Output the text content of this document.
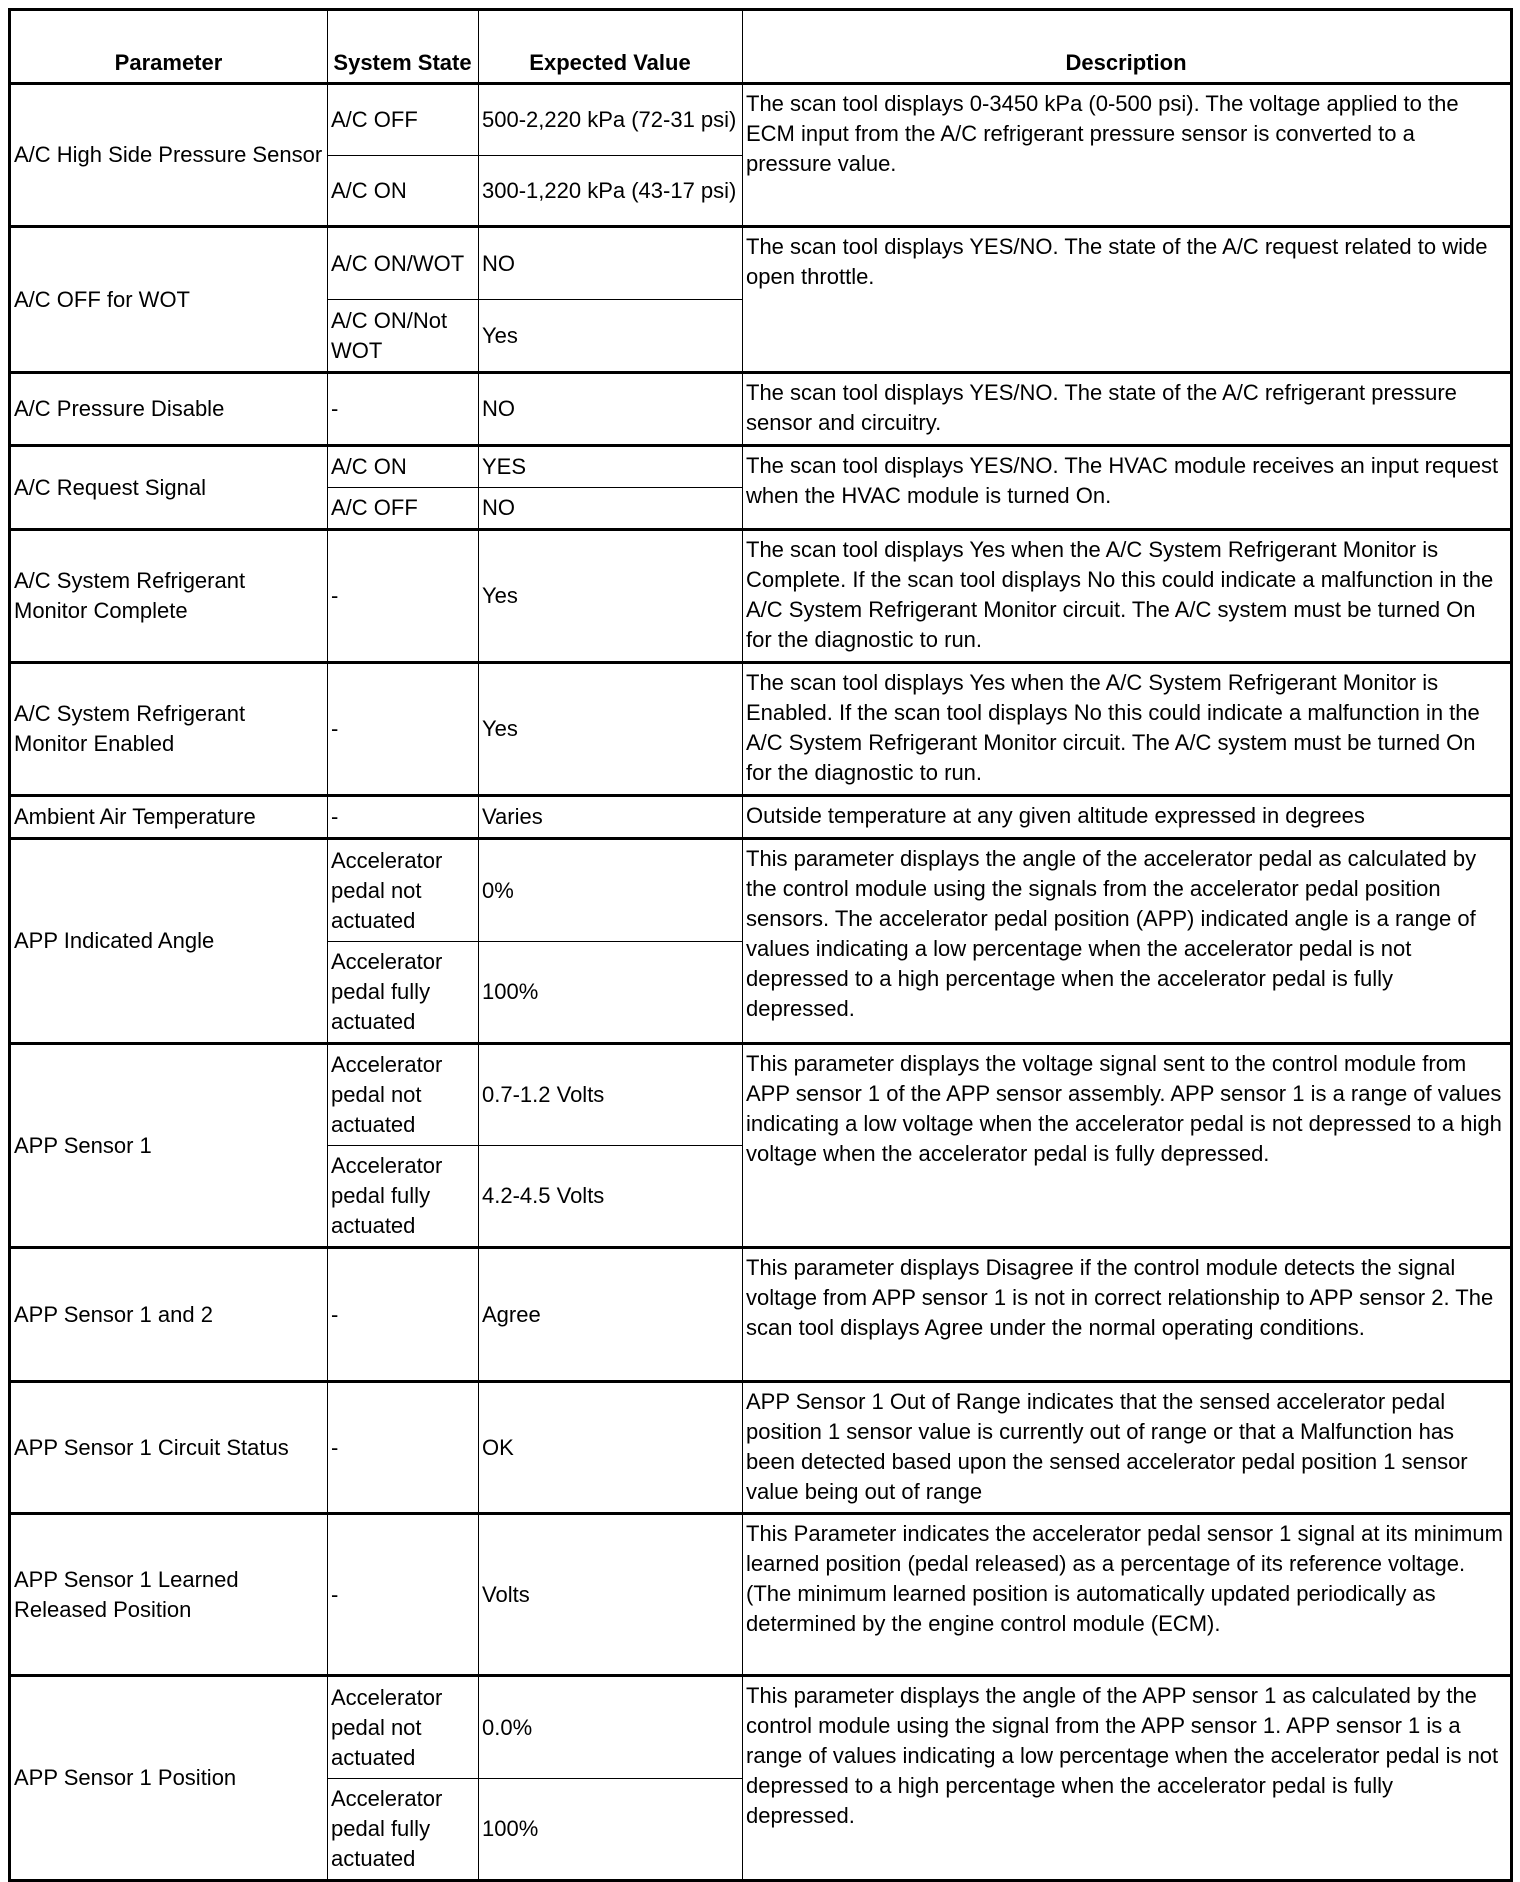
Parameter	System State	Expected Value	Description
A/C High Side Pressure Sensor	A/C OFF	500-2,220 kPa (72-31 psi)	The scan tool displays 0-3450 kPa (0-500 psi). The voltage applied to the ECM input from the A/C refrigerant pressure sensor is converted to a pressure value.
	A/C ON	300-1,220 kPa (43-17 psi)	
A/C OFF for WOT	A/C ON/WOT	NO	The scan tool displays YES/NO. The state of the A/C request related to wide open throttle.
	A/C ON/Not WOT	Yes	
A/C Pressure Disable	-	NO	The scan tool displays YES/NO. The state of the A/C refrigerant pressure sensor and circuitry.
A/C Request Signal	A/C ON	YES	The scan tool displays YES/NO. The HVAC module receives an input request when the HVAC module is turned On.
	A/C OFF	NO	
A/C System Refrigerant Monitor Complete	-	Yes	The scan tool displays Yes when the A/C System Refrigerant Monitor is Complete. If the scan tool displays No this could indicate a malfunction in the A/C System Refrigerant Monitor circuit. The A/C system must be turned On for the diagnostic to run.
A/C System Refrigerant Monitor Enabled	-	Yes	The scan tool displays Yes when the A/C System Refrigerant Monitor is Enabled. If the scan tool displays No this could indicate a malfunction in the A/C System Refrigerant Monitor circuit. The A/C system must be turned On for the diagnostic to run.
Ambient Air Temperature	-	Varies	Outside temperature at any given altitude expressed in degrees
APP Indicated Angle	Accelerator pedal not actuated	0%	This parameter displays the angle of the accelerator pedal as calculated by the control module using the signals from the accelerator pedal position sensors. The accelerator pedal position (APP) indicated angle is a range of values indicating a low percentage when the accelerator pedal is not depressed to a high percentage when the accelerator pedal is fully depressed.
	Accelerator pedal fully actuated	100%	
APP Sensor 1	Accelerator pedal not actuated	0.7-1.2 Volts	This parameter displays the voltage signal sent to the control module from APP sensor 1 of the APP sensor assembly. APP sensor 1 is a range of values indicating a low voltage when the accelerator pedal is not depressed to a high voltage when the accelerator pedal is fully depressed.
	Accelerator pedal fully actuated	4.2-4.5 Volts	
APP Sensor 1 and 2	-	Agree	This parameter displays Disagree if the control module detects the signal voltage from APP sensor 1 is not in correct relationship to APP sensor 2. The scan tool displays Agree under the normal operating conditions.
APP Sensor 1 Circuit Status	-	OK	APP Sensor 1 Out of Range indicates that the sensed accelerator pedal position 1 sensor value is currently out of range or that a Malfunction has been detected based upon the sensed accelerator pedal position 1 sensor value being out of range
APP Sensor 1 Learned Released Position	-	Volts	This Parameter indicates the accelerator pedal sensor 1 signal at its minimum learned position (pedal released) as a percentage of its reference voltage. (The minimum learned position is automatically updated periodically as determined by the engine control module (ECM).
APP Sensor 1 Position	Accelerator pedal not actuated	0.0%	This parameter displays the angle of the APP sensor 1 as calculated by the control module using the signal from the APP sensor 1. APP sensor 1 is a range of values indicating a low percentage when the accelerator pedal is not depressed to a high percentage when the accelerator pedal is fully depressed.
	Accelerator pedal fully actuated	100%	
